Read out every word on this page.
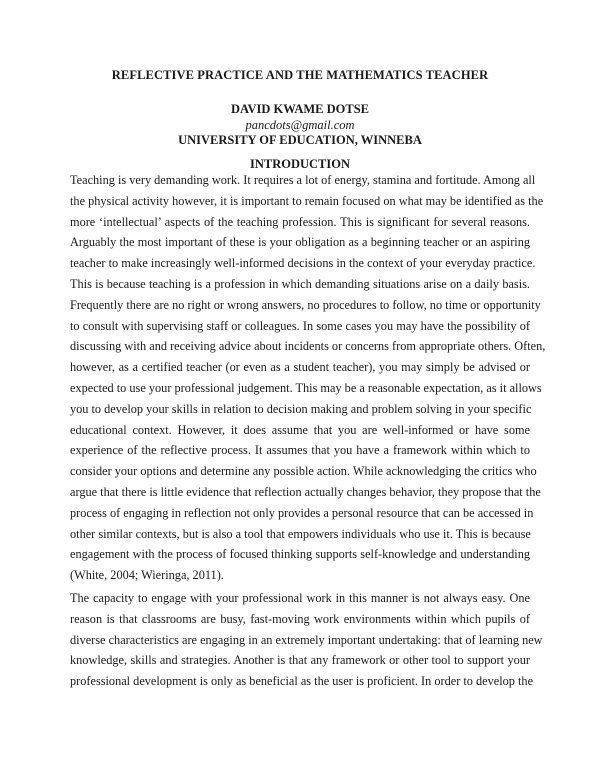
REFLECTIVE PRACTICE AND THE MATHEMATICS TEACHER
DAVID KWAME DOTSE
pancdots@gmail.com
UNIVERSITY OF EDUCATION, WINNEBA
INTRODUCTION
Teaching is very demanding work. It requires a lot of energy, stamina and fortitude. Among all
the physical activity however, it is important to remain focused on what may be identified as the
more ‘intellectual’ aspects of the teaching profession. This is significant for several reasons.
Arguably the most important of these is your obligation as a beginning teacher or an aspiring
teacher to make increasingly well-informed decisions in the context of your everyday practice.
This is because teaching is a profession in which demanding situations arise on a daily basis.
Frequently there are no right or wrong answers, no procedures to follow, no time or opportunity
to consult with supervising staff or colleagues. In some cases you may have the possibility of
discussing with and receiving advice about incidents or concerns from appropriate others. Often,
however, as a certified teacher (or even as a student teacher), you may simply be advised or
expected to use your professional judgement. This may be a reasonable expectation, as it allows
you to develop your skills in relation to decision making and problem solving in your specific
educational context. However, it does assume that you are well-informed or have some
experience of the reflective process. It assumes that you have a framework within which to
consider your options and determine any possible action. While acknowledging the critics who
argue that there is little evidence that reflection actually changes behavior, they propose that the
process of engaging in reflection not only provides a personal resource that can be accessed in
other similar contexts, but is also a tool that empowers individuals who use it. This is because
engagement with the process of focused thinking supports self-knowledge and understanding
(White, 2004; Wieringa, 2011).
The capacity to engage with your professional work in this manner is not always easy. One
reason is that classrooms are busy, fast-moving work environments within which pupils of
diverse characteristics are engaging in an extremely important undertaking: that of learning new
knowledge, skills and strategies. Another is that any framework or other tool to support your
professional development is only as beneficial as the user is proficient. In order to develop the
